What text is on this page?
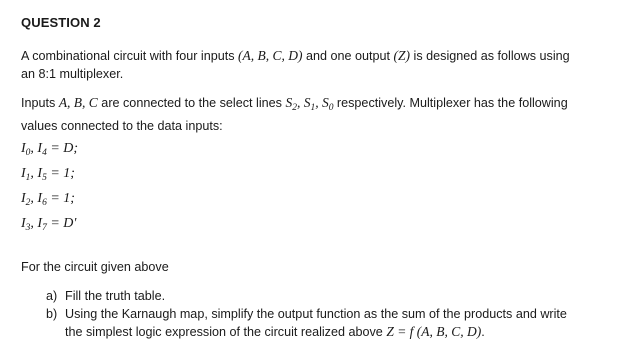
QUESTION 2
A combinational circuit with four inputs (A, B, C, D) and one output (Z) is designed as follows using
an 8:1 multiplexer.
Inputs A, B, C are connected to the select lines $S_2$, $S_1$, $S_0$ respectively. Multiplexer has the following
values connected to the data inputs:
$I_0$, $I_4 = D$;
$I_1$, $I_5 = 1$;
$I_2$, $I_6 = 1$;
$I_3$, $I_7 = D'$
For the circuit given above
a) Fill the truth table.
b) Using the Karnaugh map, simplify the output function as the sum of the products and write
the simplest logic expression of the circuit realized above Z = f (A, B, C, D).
